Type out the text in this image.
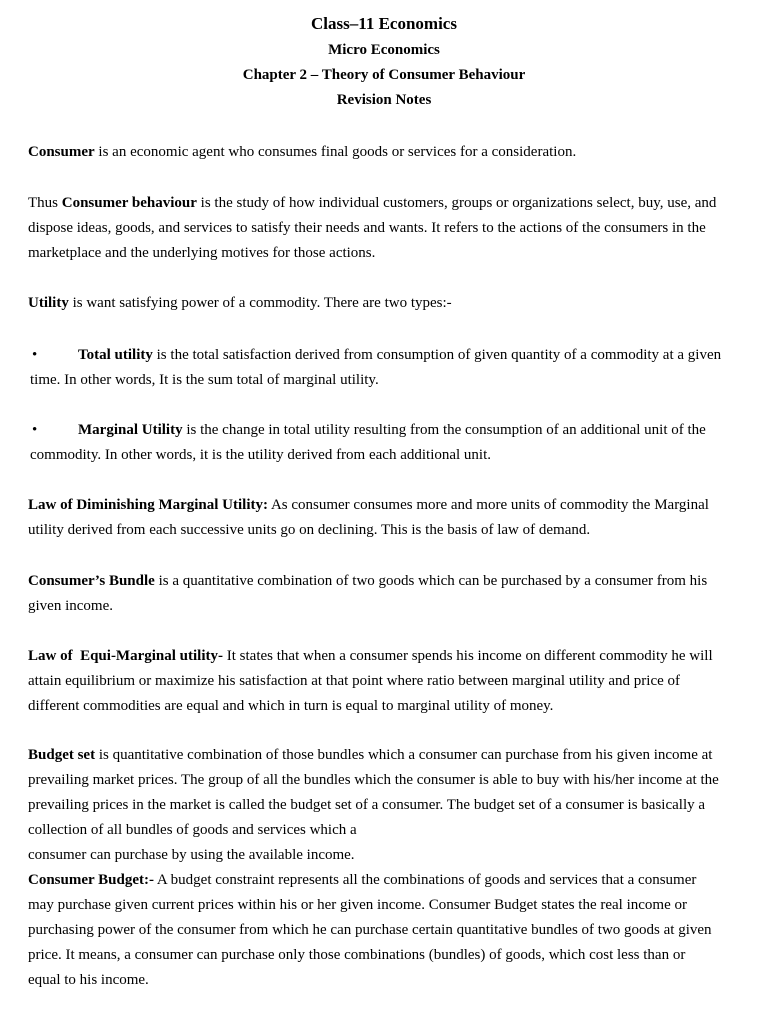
Class–11 Economics
Micro Economics
Chapter 2 – Theory of Consumer Behaviour
Revision Notes
Consumer is an economic agent who consumes final goods or services for a consideration.
Thus Consumer behaviour is the study of how individual customers, groups or organizations select, buy, use, and
dispose ideas, goods, and services to satisfy their needs and wants. It refers to the actions of the consumers in the
marketplace and the underlying motives for those actions.
Utility is want satisfying power of a commodity. There are two types:-
•	Total utility is the total satisfaction derived from consumption of given quantity of a commodity at a given
time. In other words, It is the sum total of marginal utility.
•	Marginal Utility is the change in total utility resulting from the consumption of an additional unit of the
commodity. In other words, it is the utility derived from each additional unit.
Law of Diminishing Marginal Utility: As consumer consumes more and more units of commodity the Marginal
utility derived from each successive units go on declining. This is the basis of law of demand.
Consumer’s Bundle is a quantitative combination of two goods which can be purchased by a consumer from his
given income.
Law of  Equi-Marginal utility- It states that when a consumer spends his income on different commodity he will
attain equilibrium or maximize his satisfaction at that point where ratio between marginal utility and price of
different commodities are equal and which in turn is equal to marginal utility of money.
Budget set is quantitative combination of those bundles which a consumer can purchase from his given income at
prevailing market prices. The group of all the bundles which the consumer is able to buy with his/her income at the
prevailing prices in the market is called the budget set of a consumer. The budget set of a consumer is basically a
collection of all bundles of goods and services which a
consumer can purchase by using the available income.
Consumer Budget:- A budget constraint represents all the combinations of goods and services that a consumer
may purchase given current prices within his or her given income. Consumer Budget states the real income or
purchasing power of the consumer from which he can purchase certain quantitative bundles of two goods at given
price. It means, a consumer can purchase only those combinations (bundles) of goods, which cost less than or
equal to his income.
